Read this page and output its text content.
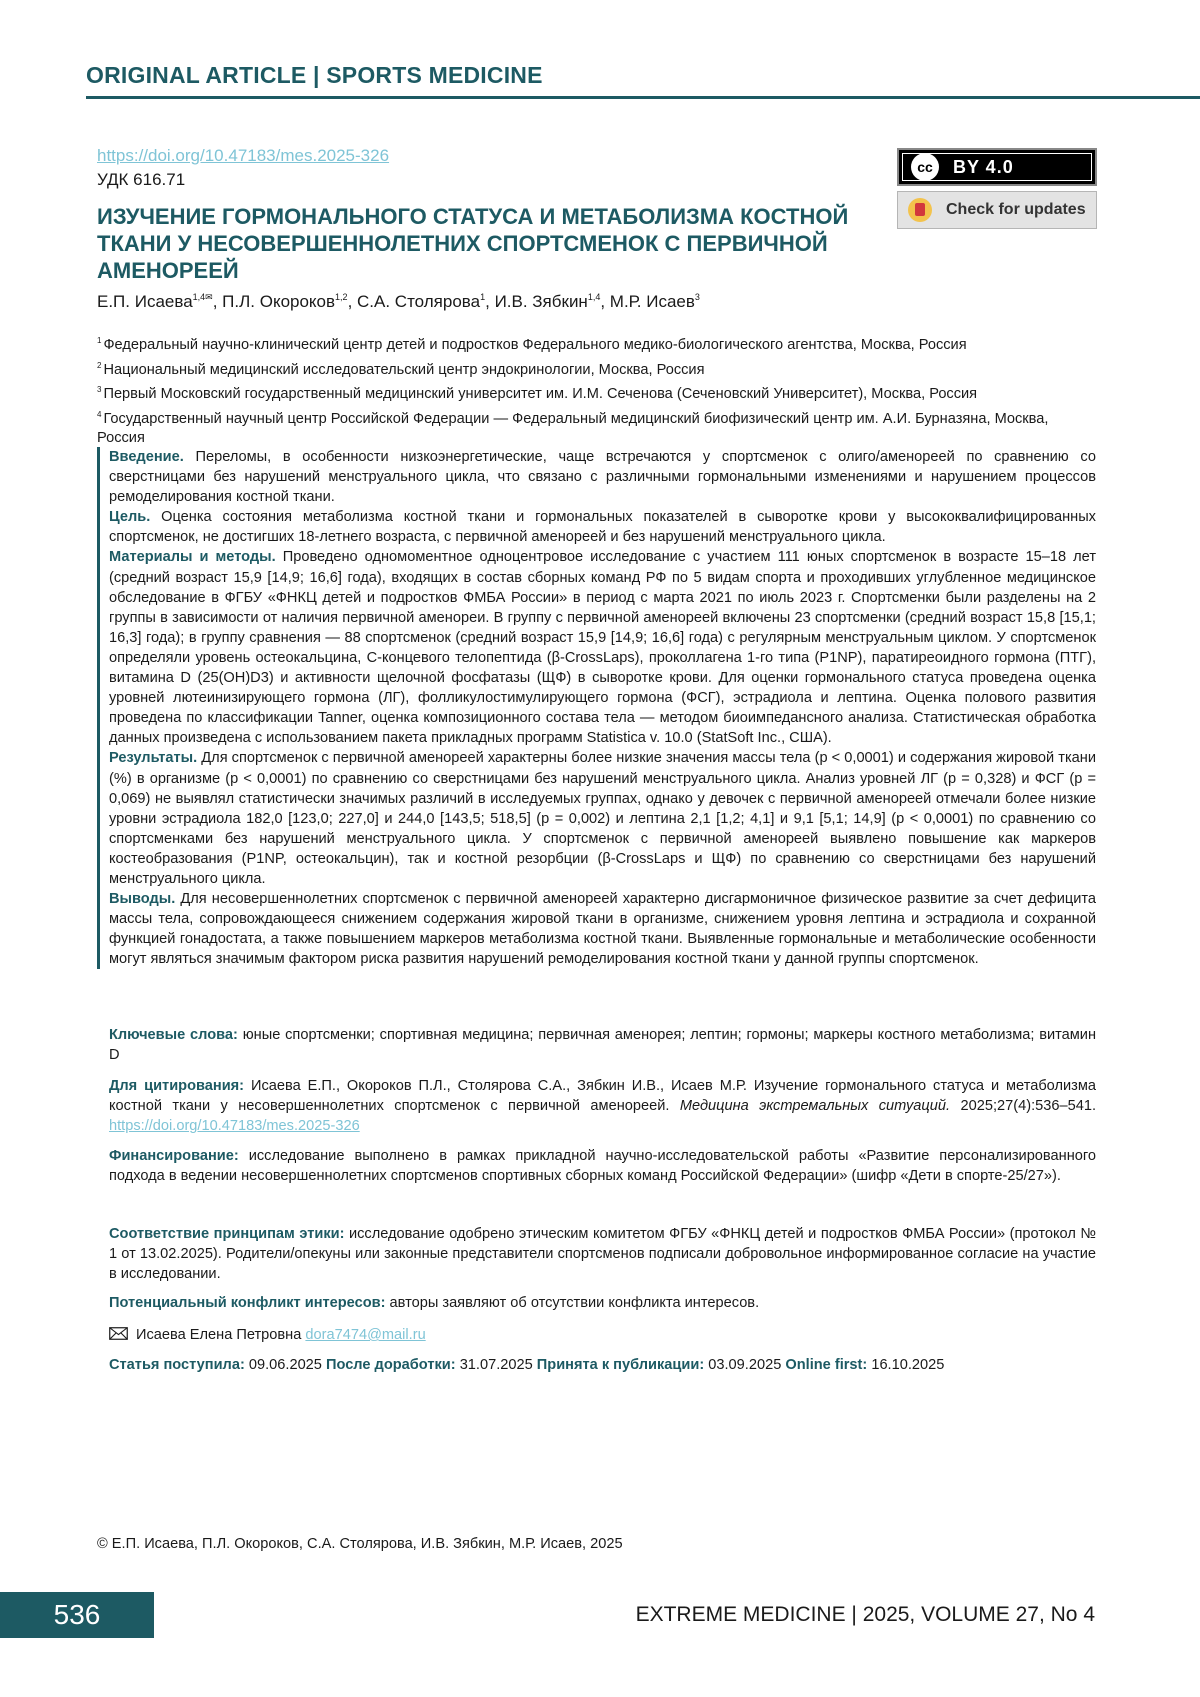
ORIGINAL ARTICLE | SPORTS MEDICINE
https://doi.org/10.47183/mes.2025-326
УДК 616.71
cc	BY 4.0
Check for updates
ИЗУЧЕНИЕ ГОРМОНАЛЬНОГО СТАТУСА И МЕТАБОЛИЗМА КОСТНОЙ ТКАНИ У НЕСОВЕРШЕННОЛЕТНИХ СПОРТСМЕНОК С ПЕРВИЧНОЙ АМЕНОРЕЕЙ
Е.П. Исаева$^{1,4✉}$, П.Л. Окороков$^{1,2}$, С.А. Столярова$^1$, И.В. Зябкин$^{1,4}$, М.Р. Исаев$^3$
$^1$ Федеральный научно-клинический центр детей и подростков Федерального медико-биологического агентства, Москва, Россия
$^2$ Национальный медицинский исследовательский центр эндокринологии, Москва, Россия
$^3$ Первый Московский государственный медицинский университет им. И.М. Сеченова (Сеченовский Университет), Москва, Россия
$^4$ Государственный научный центр Российской Федерации — Федеральный медицинский биофизический центр им. А.И. Бурназяна, Москва, Россия

Введение. Переломы, в особенности низкоэнергетические, чаще встречаются у спортсменок с олиго/аменореей по сравнению со сверстницами без нарушений менструального цикла, что связано с различными гормональными изменениями и нарушением процессов ремоделирования костной ткани.

Цель. Оценка состояния метаболизма костной ткани и гормональных показателей в сыворотке крови у высококвалифицированных спортсменок, не достигших 18-летнего возраста, с первичной аменореей и без нарушений менструального цикла.

Материалы и методы. Проведено одномоментное одноцентровое исследование с участием 111 юных спортсменок в возрасте 15–18 лет (средний возраст 15,9 [14,9; 16,6] года), входящих в состав сборных команд РФ по 5 видам спорта и проходивших углубленное медицинское обследование в ФГБУ «ФНКЦ детей и подростков ФМБА России» в период с марта 2021 по июль 2023 г. Спортсменки были разделены на 2 группы в зависимости от наличия первичной аменореи. В группу с первичной аменореей включены 23 спортсменки (средний возраст 15,8 [15,1; 16,3] года); в группу сравнения — 88 спортсменок (средний возраст 15,9 [14,9; 16,6] года) с регулярным менструальным циклом. У спортсменок определяли уровень остеокальцина, С-концевого телопептида (β-CrossLaps), проколлагена 1-го типа (P1NP), паратиреоидного гормона (ПТГ), витамина D (25(OH)D3) и активности щелочной фосфатазы (ЩФ) в сыворотке крови. Для оценки гормонального статуса проведена оценка уровней лютеинизирующего гормона (ЛГ), фолликулостимулирующего гормона (ФСГ), эстрадиола и лептина. Оценка полового развития проведена по классификации Tanner, оценка композиционного состава тела — методом биоимпедансного анализа. Статистическая обработка данных произведена с использованием пакета прикладных программ Statistica v. 10.0 (StatSoft Inc., США).

Результаты. Для спортсменок с первичной аменореей характерны более низкие значения массы тела (p < 0,0001) и содержания жировой ткани (%) в организме (p < 0,0001) по сравнению со сверстницами без нарушений менструального цикла. Анализ уровней ЛГ (p = 0,328) и ФСГ (p = 0,069) не выявлял статистически значимых различий в исследуемых группах, однако у девочек с первичной аменореей отмечали более низкие уровни эстрадиола 182,0 [123,0; 227,0] и 244,0 [143,5; 518,5] (p = 0,002) и лептина 2,1 [1,2; 4,1] и 9,1 [5,1; 14,9] (p < 0,0001) по сравнению со спортсменками без нарушений менструального цикла. У спортсменок с первичной аменореей выявлено повышение как маркеров костеобразования (P1NP, остеокальцин), так и костной резорбции (β-CrossLaps и ЩФ) по сравнению со сверстницами без нарушений менструального цикла.

Выводы. Для несовершеннолетних спортсменок с первичной аменореей характерно дисгармоничное физическое развитие за счет дефицита массы тела, сопровождающееся снижением содержания жировой ткани в организме, снижением уровня лептина и эстрадиола и сохранной функцией гонадостата, а также повышением маркеров метаболизма костной ткани. Выявленные гормональные и метаболические особенности могут являться значимым фактором риска развития нарушений ремоделирования костной ткани у данной группы спортсменок.

Ключевые слова: юные спортсменки; спортивная медицина; первичная аменорея; лептин; гормоны; маркеры костного метаболизма; витамин D

Для цитирования: Исаева Е.П., Окороков П.Л., Столярова С.А., Зябкин И.В., Исаев М.Р. Изучение гормонального статуса и метаболизма костной ткани у несовершеннолетних спортсменок с первичной аменореей. Медицина экстремальных ситуаций. 2025;27(4):536–541. https://doi.org/10.47183/mes.2025-326

Финансирование: исследование выполнено в рамках прикладной научно-исследовательской работы «Развитие персонализированного подхода в ведении несовершеннолетних спортсменов спортивных сборных команд Российской Федерации» (шифр «Дети в спорте-25/27»).

Соответствие принципам этики: исследование одобрено этическим комитетом ФГБУ «ФНКЦ детей и подростков ФМБА России» (протокол № 1 от 13.02.2025). Родители/опекуны или законные представители спортсменов подписали добровольное информированное согласие на участие в исследовании.

Потенциальный конфликт интересов: авторы заявляют об отсутствии конфликта интересов.

Исаева Елена Петровна dora7474@mail.ru

Статья поступила: 09.06.2025 После доработки: 31.07.2025 Принята к публикации: 03.09.2025 Online first: 16.10.2025

© Е.П. Исаева, П.Л. Окороков, С.А. Столярова, И.В. Зябкин, М.Р. Исаев, 2025
536	EXTREME MEDICINE | 2025, VOLUME 27, No 4
